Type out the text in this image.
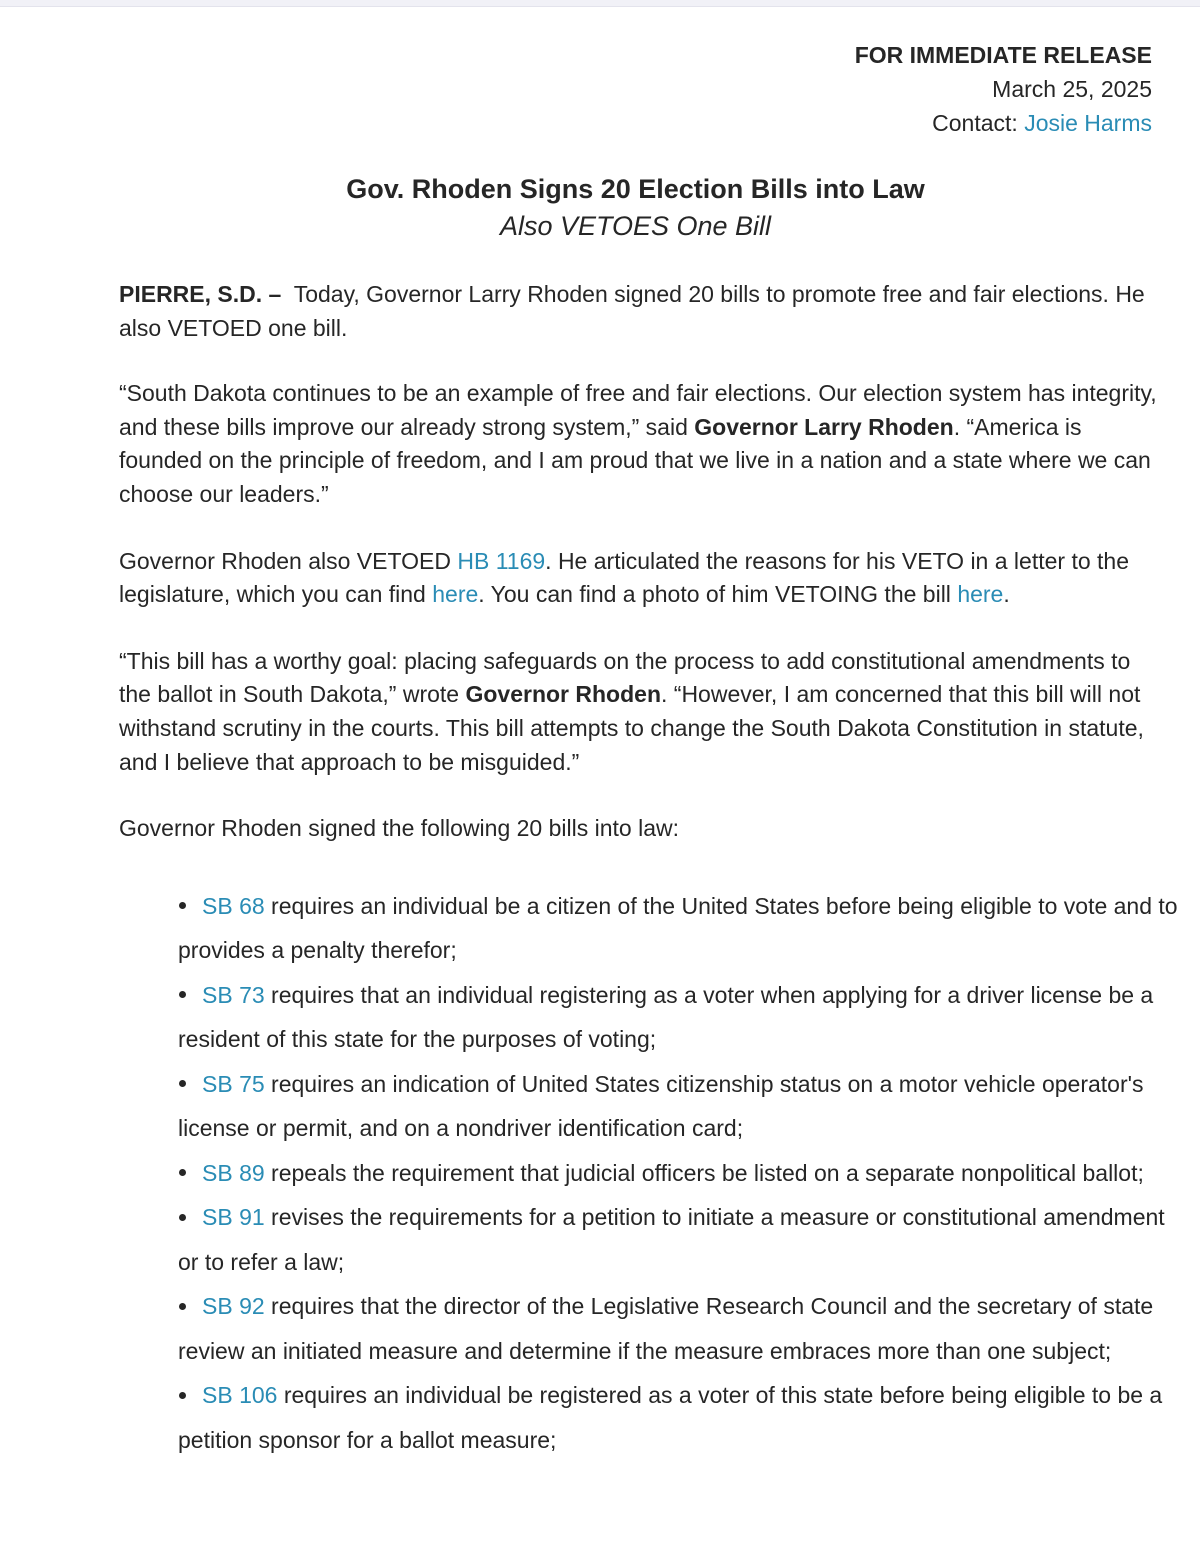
FOR IMMEDIATE RELEASE
March 25, 2025
Contact: Josie Harms
Gov. Rhoden Signs 20 Election Bills into Law
Also VETOES One Bill

PIERRE, S.D. –  Today, Governor Larry Rhoden signed 20 bills to promote free and fair elections. He also VETOED one bill.

“South Dakota continues to be an example of free and fair elections. Our election system has integrity, and these bills improve our already strong system,” said Governor Larry Rhoden. “America is founded on the principle of freedom, and I am proud that we live in a nation and a state where we can choose our leaders.”

Governor Rhoden also VETOED HB 1169. He articulated the reasons for his VETO in a letter to the legislature, which you can find here. You can find a photo of him VETOING the bill here.

“This bill has a worthy goal: placing safeguards on the process to add constitutional amendments to the ballot in South Dakota,” wrote Governor Rhoden. “However, I am concerned that this bill will not withstand scrutiny in the courts. This bill attempts to change the South Dakota Constitution in statute, and I believe that approach to be misguided.”

Governor Rhoden signed the following 20 bills into law:

SB 68 requires an individual be a citizen of the United States before being eligible to vote and to provides a penalty therefor;
SB 73 requires that an individual registering as a voter when applying for a driver license be a resident of this state for the purposes of voting;
SB 75 requires an indication of United States citizenship status on a motor vehicle operator's license or permit, and on a nondriver identification card;
SB 89 repeals the requirement that judicial officers be listed on a separate nonpolitical ballot;
SB 91 revises the requirements for a petition to initiate a measure or constitutional amendment or to refer a law;
SB 92 requires that the director of the Legislative Research Council and the secretary of state review an initiated measure and determine if the measure embraces more than one subject;
SB 106 requires an individual be registered as a voter of this state before being eligible to be a petition sponsor for a ballot measure;
